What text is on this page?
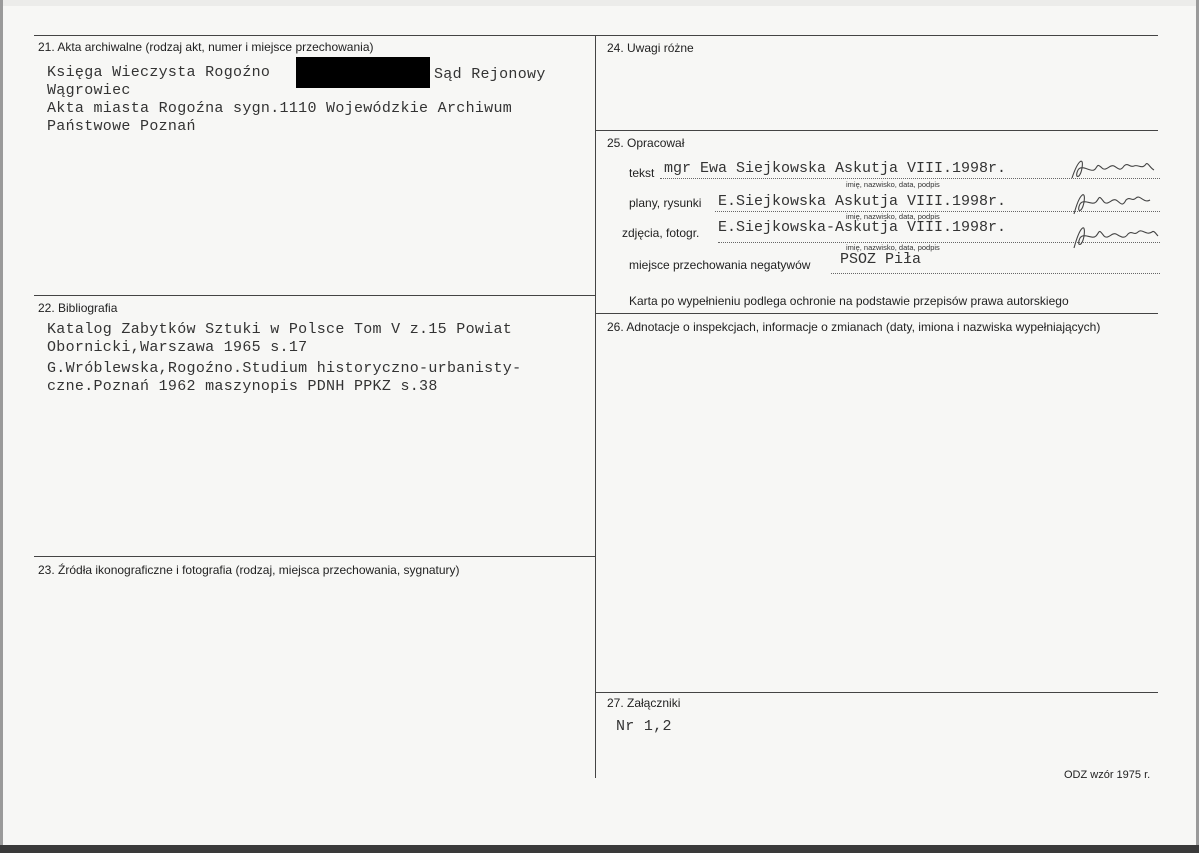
21. Akta archiwalne (rodzaj akt, numer i miejsce przechowania)
Księga Wieczysta Rogoźno	Sąd Rejonowy
Wągrowiec
Akta miasta Rogoźna sygn.1110 Wojewódzkie Archiwum
Państwowe Poznań
22. Bibliografia
Katalog Zabytków Sztuki w Polsce Tom V z.15 Powiat
Obornicki,Warszawa 1965 s.17
G.Wróblewska,Rogoźno.Studium historyczno-urbanisty-
czne.Poznań 1962 maszynopis PDNH PPKZ s.38
23. Źródła ikonograficzne i fotografia (rodzaj, miejsca przechowania, sygnatury)
24. Uwagi różne
25. Opracował
tekst mgr Ewa Siejkowska Askutja VIII.1998r.
imię, nazwisko, data, podpis
plany, rysunki E.Siejkowska Askutja VIII.1998r.
imię, nazwisko, data, podpis
zdjęcia, fotogr. E.Siejkowska-Askutja VIII.1998r.
imię, nazwisko, data, podpis
miejsce przechowania negatywów PSOZ Piła
Karta po wypełnieniu podlega ochronie na podstawie przepisów prawa autorskiego
26. Adnotacje o inspekcjach, informacje o zmianach (daty, imiona i nazwiska wypełniających)
27. Załączniki
Nr 1,2
ODZ wzór 1975 r.
